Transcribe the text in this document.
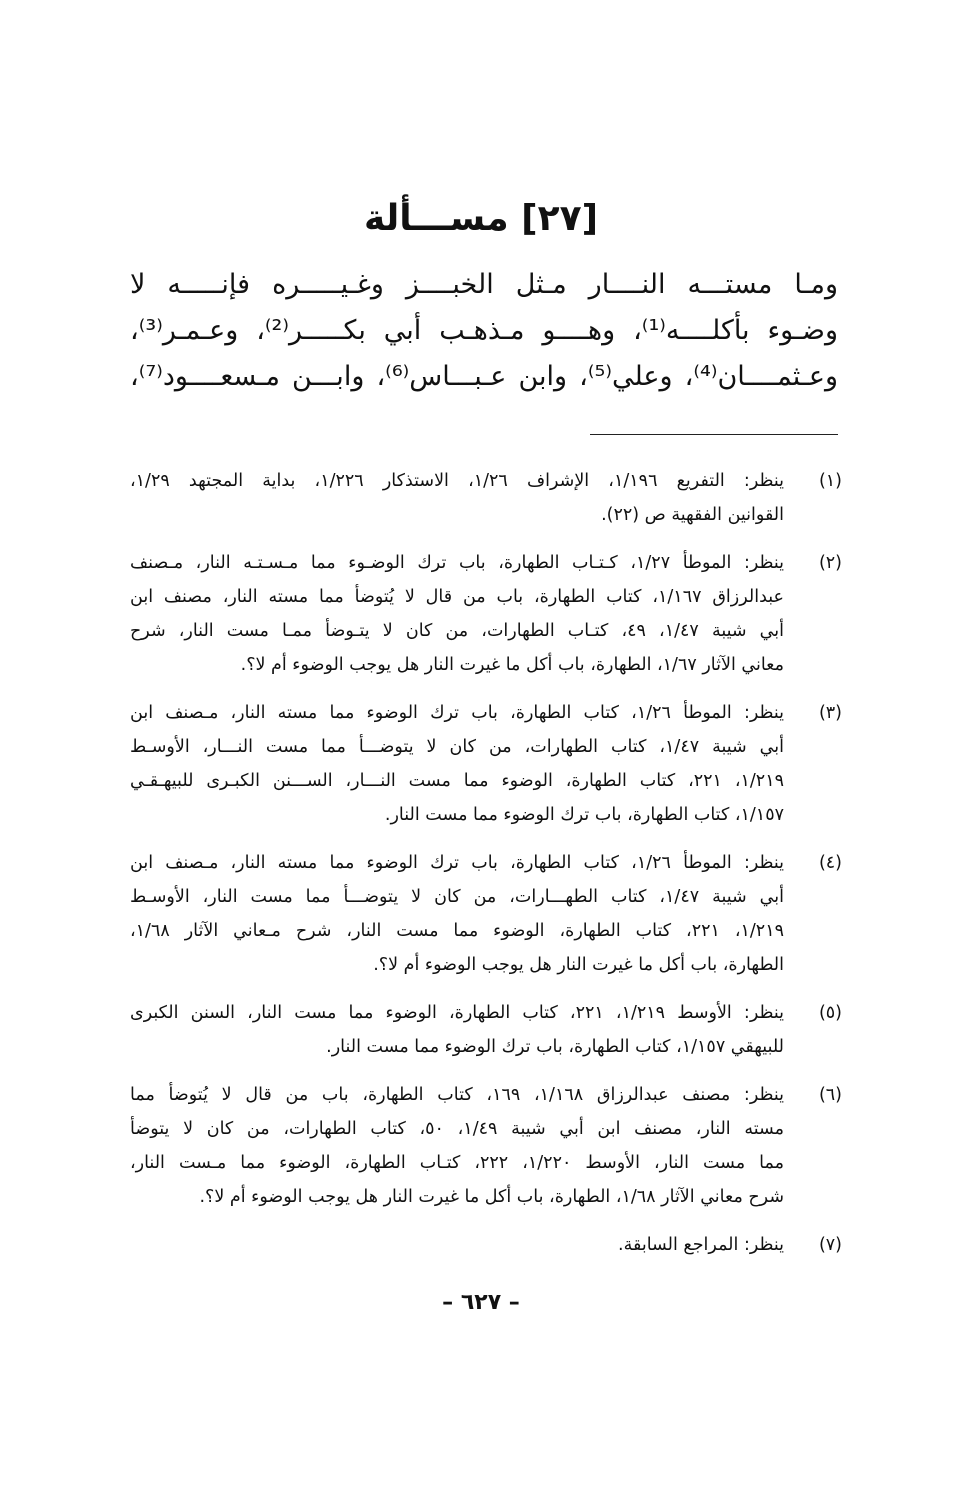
[٢٧] مســـألة
ومـا مستـــه النــــار مـثل الخبــــز وغـيـــــره فإنـــــه لا
وضـوء بأكلــــه⁽¹⁾، وهــــو مـذهـب أبي بكـــــر⁽²⁾، وعـمـر⁽³⁾،
وعـثمــــان⁽⁴⁾، وعلي⁽⁵⁾، وابن عـبـــاس⁽⁶⁾، وابـــن مـسعــــود⁽⁷⁾،
(١)
ينظر: التفريع ١/١٩٦، الإشراف ١/٢٦، الاستذكار ١/٢٢٦، بداية المجتهد ١/٢٩،
القوانين الفقهية ص (٢٢).
(٢)
ينظر: الموطأ ١/٢٧، كـتـاب الطهارة، باب ترك الوضـوء مما مـسـتـه النار، مـصنف
عبدالرزاق ١/١٦٧، كتاب الطهارة، باب من قال لا يُتوضأ مما مسته النار، مصنف ابن
أبي شيبة ١/٤٧، ٤٩، كتـاب الطهارات، من كان لا يتـوضأ ممـا مست النار، شرح
معاني الآثار ١/٦٧، الطهارة، باب أكل ما غيرت النار هل يوجب الوضوء أم لا؟.
(٣)
ينظر: الموطأ ١/٢٦، كتاب الطهارة، باب ترك الوضوء مما مسته النار، مـصنف ابن
أبي شيبة ١/٤٧، كتاب الطهارات، من كان لا يتوضـــأ مما مست النـــار، الأوسـط
١/٢١٩، ٢٢١، كتاب الطهارة، الوضوء مما مست النـــار، الســـنن الكبـرى للبيهـقـي
١/١٥٧، كتاب الطهارة، باب ترك الوضوء مما مست النار.
(٤)
ينظر: الموطأ ١/٢٦، كتاب الطهارة، باب ترك الوضوء مما مسته النار، مـصنف ابن
أبي شيبة ١/٤٧، كتاب الطهـــارات، من كان لا يتوضـــأ مما مست النار، الأوسـط
١/٢١٩، ٢٢١، كتاب الطهارة، الوضوء مما مست النار، شرح مـعاني الآثار ١/٦٨،
الطهارة، باب أكل ما غيرت النار هل يوجب الوضوء أم لا؟.
(٥)
ينظر: الأوسط ١/٢١٩، ٢٢١، كتاب الطهارة، الوضوء مما مست النار، السنن الكبرى
للبيهقي ١/١٥٧، كتاب الطهارة، باب ترك الوضوء مما مست النار.
(٦)
ينظر: مصنف عبدالرزاق ١/١٦٨، ١٦٩، كتاب الطهارة، باب من قال لا يُتوضأ مما
مسته النار، مصنف ابن أبي شيبة ١/٤٩، ٥٠، كتاب الطهارات، من كان لا يتوضأ
مما مست النار، الأوسط ١/٢٢٠، ٢٢٢، كتـاب الطهارة، الوضوء مما مـست النار،
شرح معاني الآثار ١/٦٨، الطهارة، باب أكل ما غيرت النار هل يوجب الوضوء أم لا؟.
(٧)
ينظر: المراجع السابقة.
– ٦٢٧ –
